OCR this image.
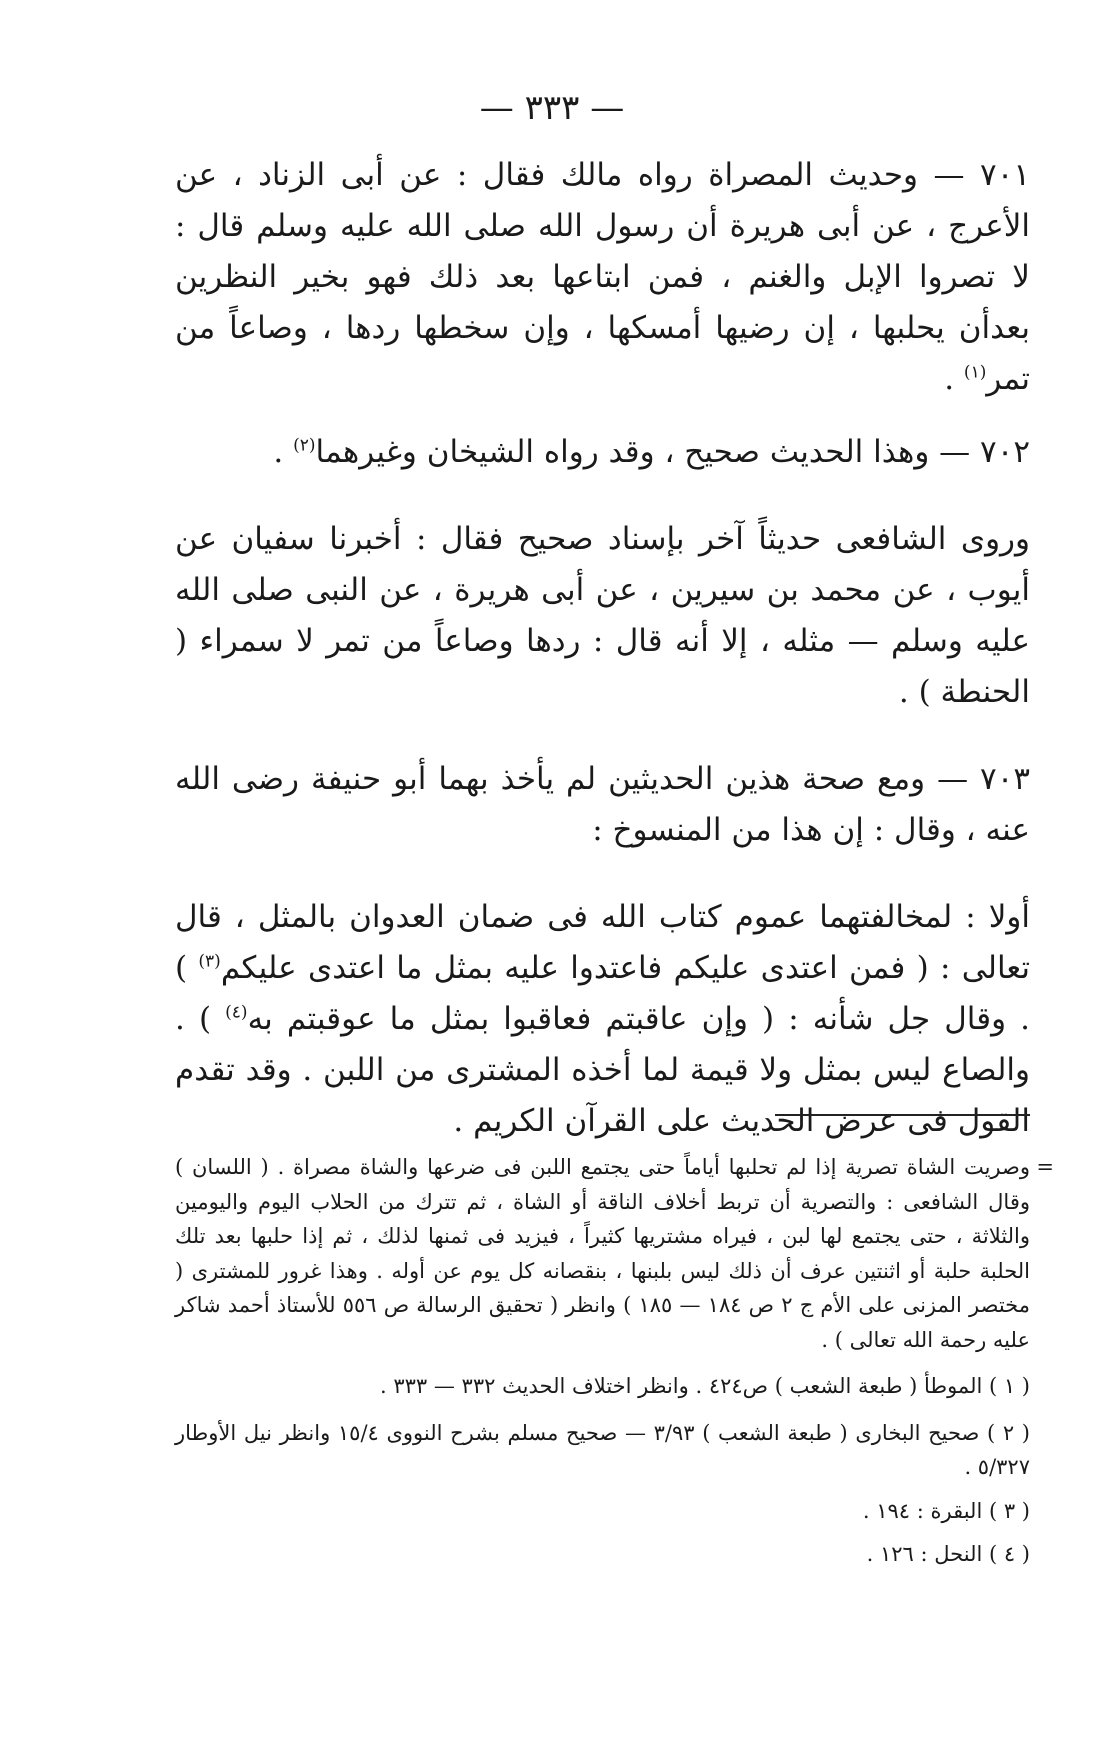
— ٣٣٣ —

٧٠١ — وحديث المصراة رواه مالك فقال : عن أبى الزناد ، عن الأعرج ، عن أبى هريرة أن رسول الله صلى الله عليه وسلم قال : لا تصروا الإبل والغنم ، فمن ابتاعها بعد ذلك فهو بخير النظرين بعدأن يحلبها ، إن رضيها أمسكها ، وإن سخطها ردها ، وصاعاً من تمر$^{(١)}$ .

٧٠٢ — وهذا الحديث صحيح ، وقد رواه الشيخان وغيرهما$^{(٢)}$ .

وروى الشافعى حديثاً آخر بإسناد صحيح فقال : أخبرنا سفيان عن أيوب ، عن محمد بن سيرين ، عن أبى هريرة ، عن النبى صلى الله عليه وسلم — مثله ، إلا أنه قال : ردها وصاعاً من تمر لا سمراء ( الحنطة ) .

٧٠٣ — ومع صحة هذين الحديثين لم يأخذ بهما أبو حنيفة رضى الله عنه ، وقال : إن هذا من المنسوخ :

أولا : لمخالفتهما عموم كتاب الله فى ضمان العدوان بالمثل ، قال تعالى : ( فمن اعتدى عليكم فاعتدوا عليه بمثل ما اعتدى عليكم$^{(٣)}$ ) . وقال جل شأنه : ( وإن عاقبتم فعاقبوا بمثل ما عوقبتم به$^{(٤)}$ ) . والصاع ليس بمثل ولا قيمة لما أخذه المشترى من اللبن . وقد تقدم القول فى عرض الحديث على القرآن الكريم .

=
وصريت الشاة تصرية إذا لم تحلبها أياماً حتى يجتمع اللبن فى ضرعها والشاة مصراة . ( اللسان ) وقال الشافعى : والتصرية أن تربط أخلاف الناقة أو الشاة ، ثم تترك من الحلاب اليوم واليومين والثلاثة ، حتى يجتمع لها لبن ، فيراه مشتريها كثيراً ، فيزيد فى ثمنها لذلك ، ثم إذا حلبها بعد تلك الحلبة حلبة أو اثنتين عرف أن ذلك ليس بلبنها ، بنقصانه كل يوم عن أوله . وهذا غرور للمشترى ( مختصر المزنى على الأم ج ٢ ص ١٨٤ — ١٨٥ ) وانظر ( تحقيق الرسالة ص ٥٥٦ للأستاذ أحمد شاكر عليه رحمة الله تعالى ) .

( ١ ) الموطأ ( طبعة الشعب ) ص٤٢٤ . وانظر اختلاف الحديث ٣٣٢ — ٣٣٣ .

( ٢ ) صحيح البخارى ( طبعة الشعب ) ٣/٩٣ — صحيح مسلم بشرح النووى ١٥/٤ وانظر نيل الأوطار ٥/٣٢٧ .

( ٣ ) البقرة : ١٩٤ .

( ٤ ) النحل : ١٢٦ .
